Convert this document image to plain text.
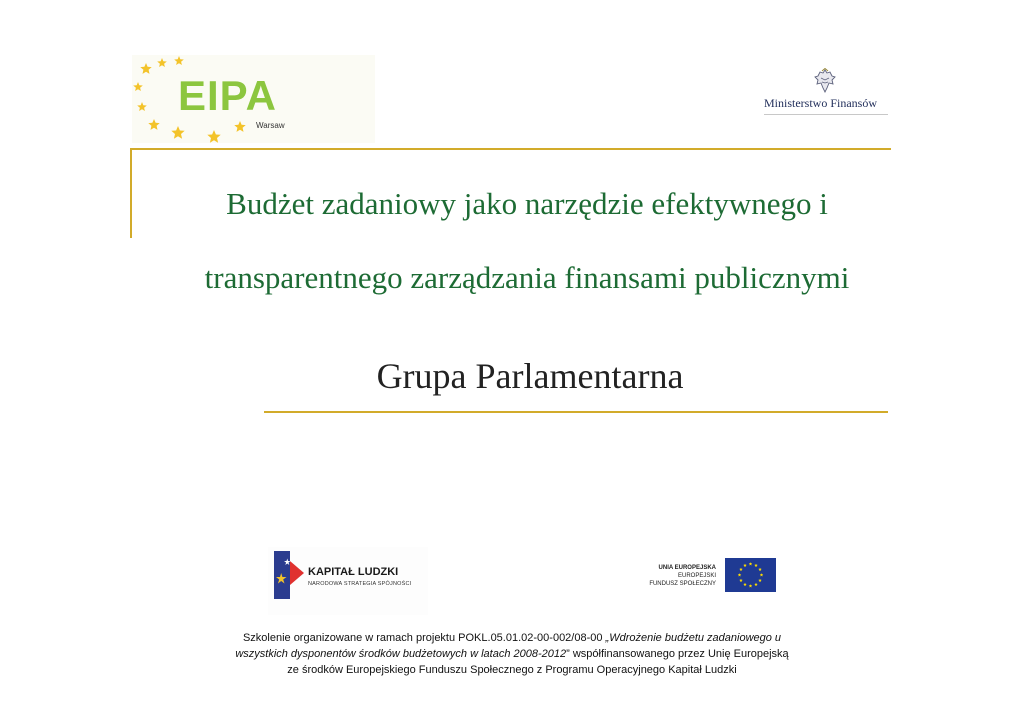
EIPA
Warsaw
Ministerstwo Finansów
Budżet zadaniowy jako narzędzie efektywnego i
transparentnego zarządzania finansami publicznymi
Grupa Parlamentarna
KAPITAŁ LUDZKI
NARODOWA STRATEGIA SPÓJNOŚCI
UNIA EUROPEJSKA
EUROPEJSKI
FUNDUSZ SPOŁECZNY
Szkolenie organizowane w ramach projektu POKL.05.01.02-00-002/08-00 „Wdrożenie budżetu zadaniowego u
wszystkich dysponentów środków budżetowych w latach 2008-2012” współfinansowanego przez Unię Europejską
ze środków Europejskiego Funduszu Społecznego z Programu Operacyjnego Kapitał Ludzki
